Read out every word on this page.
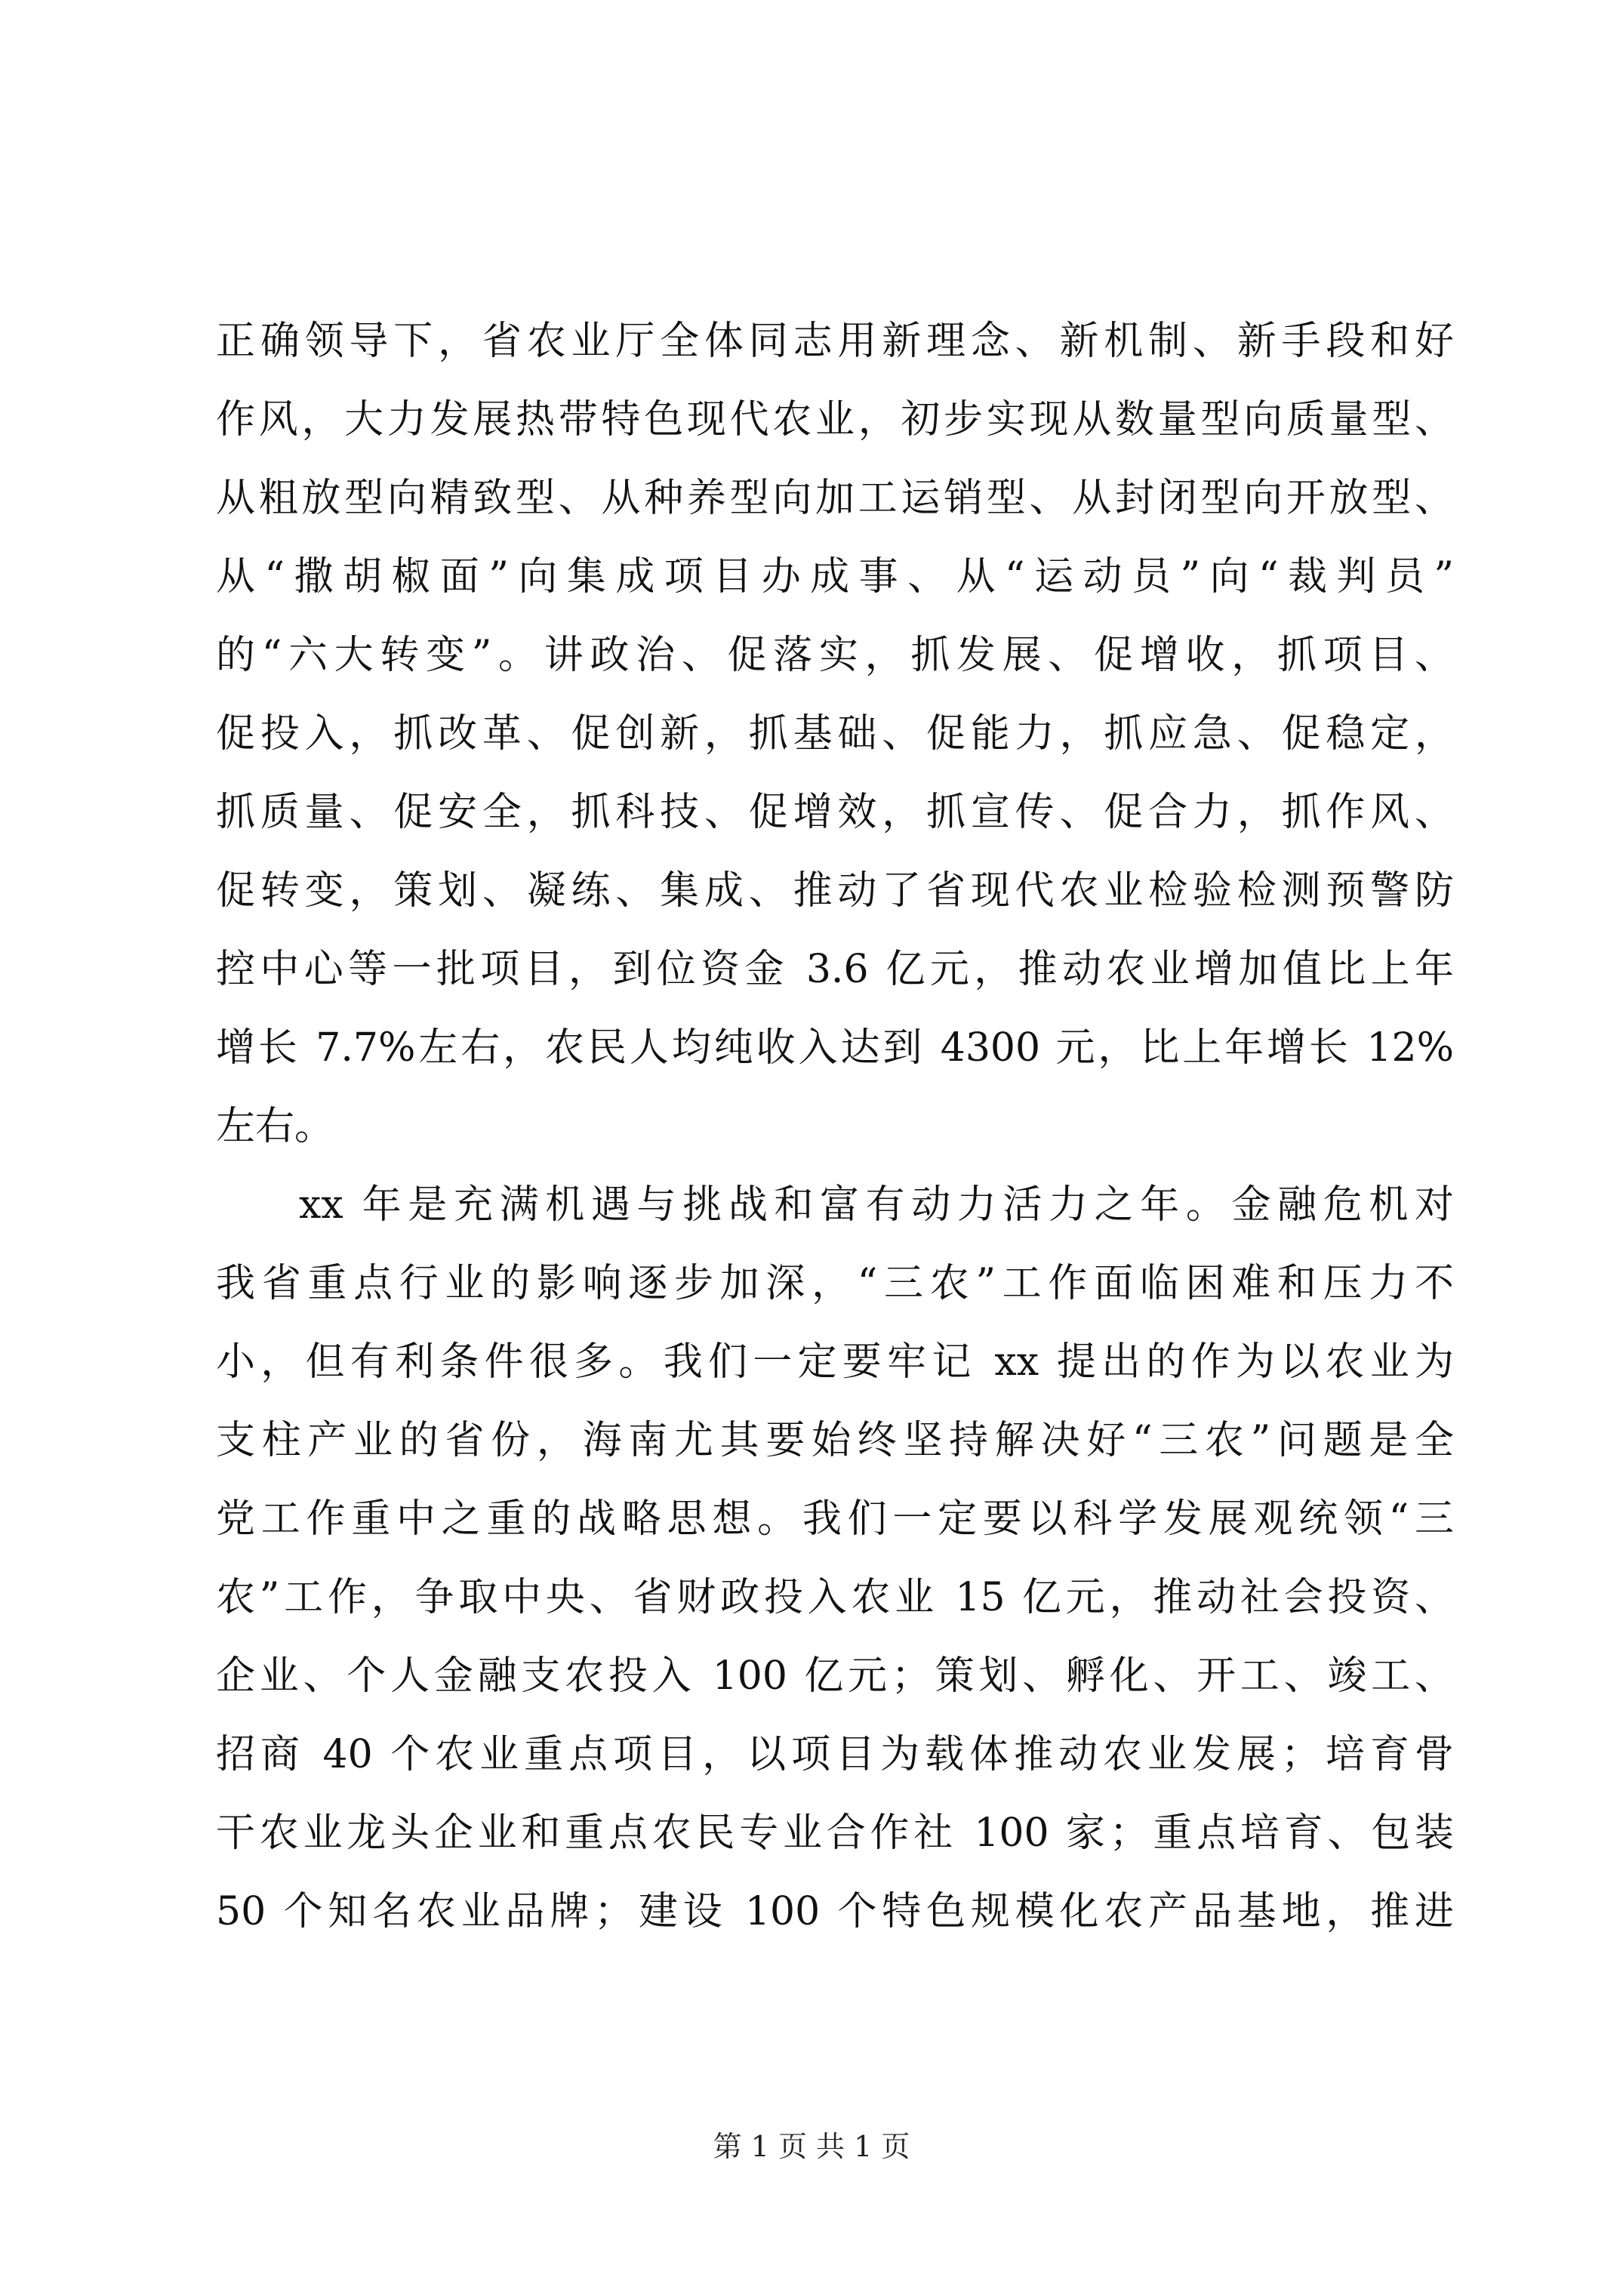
正确领导下，省农业厅全体同志用新理念、新机制、新手段和好

作风，大力发展热带特色现代农业，初步实现从数量型向质量型、

从粗放型向精致型、从种养型向加工运销型、从封闭型向开放型、

从“撒胡椒面”向集成项目办成事、从“运动员”向“裁判员”

的“六大转变”。讲政治、促落实，抓发展、促增收，抓项目、

促投入，抓改革、促创新，抓基础、促能力，抓应急、促稳定，

抓质量、促安全，抓科技、促增效，抓宣传、促合力，抓作风、

促转变，策划、凝练、集成、推动了省现代农业检验检测预警防

控中心等一批项目，到位资金 3.6 亿元，推动农业增加值比上年

增长 7.7%左右，农民人均纯收入达到 4300 元，比上年增长 12%

左右。

xx 年是充满机遇与挑战和富有动力活力之年。金融危机对

我省重点行业的影响逐步加深，“三农”工作面临困难和压力不

小，但有利条件很多。我们一定要牢记 xx 提出的作为以农业为

支柱产业的省份，海南尤其要始终坚持解决好“三农”问题是全

党工作重中之重的战略思想。我们一定要以科学发展观统领“三

农”工作，争取中央、省财政投入农业 15 亿元，推动社会投资、

企业、个人金融支农投入 100 亿元；策划、孵化、开工、竣工、

招商 40 个农业重点项目，以项目为载体推动农业发展；培育骨

干农业龙头企业和重点农民专业合作社 100 家；重点培育、包装

50 个知名农业品牌；建设 100 个特色规模化农产品基地，推进

第 1 页 共 1 页
